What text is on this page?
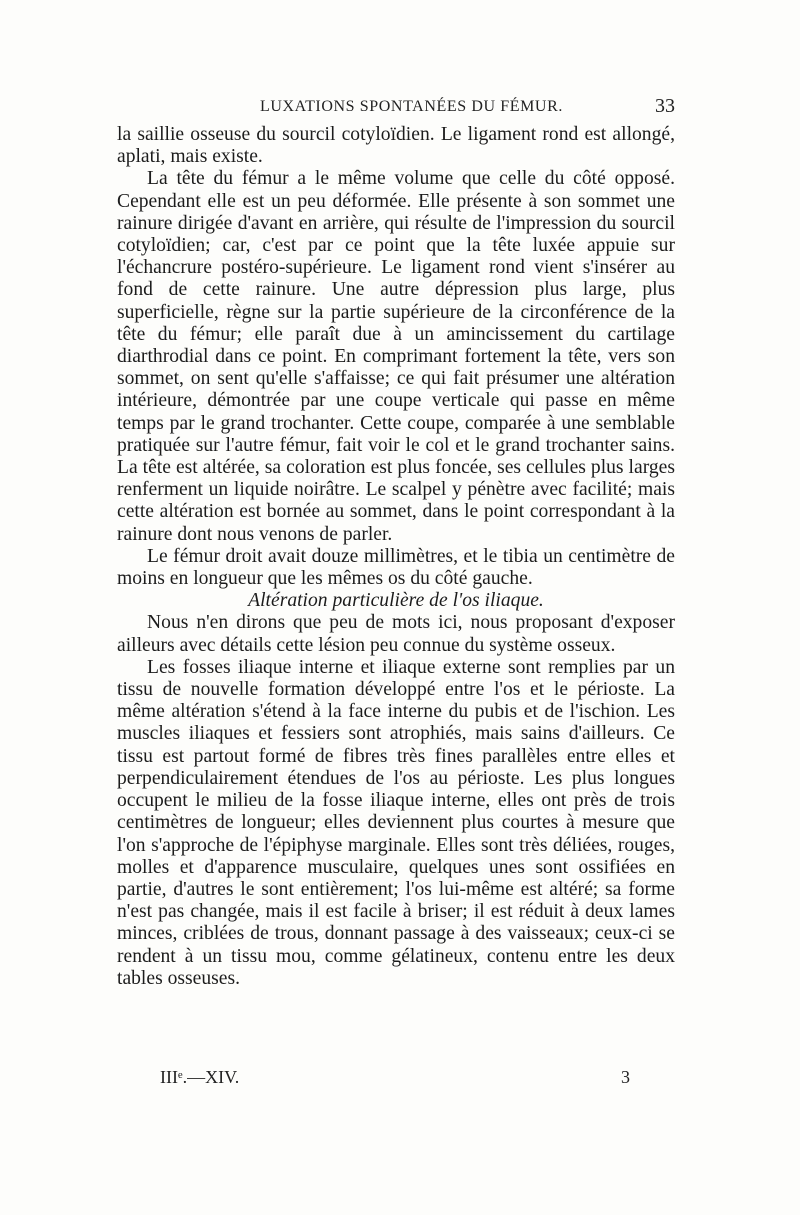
LUXATIONS SPONTANÉES DU FÉMUR.	33

la saillie osseuse du sourcil cotyloïdien. Le ligament rond est allongé, aplati, mais existe.

La tête du fémur a le même volume que celle du côté opposé. Cependant elle est un peu déformée. Elle présente à son sommet une rainure dirigée d'avant en arrière, qui résulte de l'impression du sourcil cotyloïdien; car, c'est par ce point que la tête luxée appuie sur l'échancrure postéro-supérieure. Le ligament rond vient s'insérer au fond de cette rainure. Une autre dépression plus large, plus superficielle, règne sur la partie supérieure de la circonférence de la tête du fémur; elle paraît due à un amincissement du cartilage diarthrodial dans ce point. En comprimant fortement la tête, vers son sommet, on sent qu'elle s'affaisse; ce qui fait présumer une altération intérieure, démontrée par une coupe verticale qui passe en même temps par le grand trochanter. Cette coupe, comparée à une semblable pratiquée sur l'autre fémur, fait voir le col et le grand trochanter sains. La tête est altérée, sa coloration est plus foncée, ses cellules plus larges renferment un liquide noirâtre. Le scalpel y pénètre avec facilité; mais cette altération est bornée au sommet, dans le point correspondant à la rainure dont nous venons de parler.

Le fémur droit avait douze millimètres, et le tibia un centimètre de moins en longueur que les mêmes os du côté gauche.

Altération particulière de l'os iliaque.

Nous n'en dirons que peu de mots ici, nous proposant d'exposer ailleurs avec détails cette lésion peu connue du système osseux.

Les fosses iliaque interne et iliaque externe sont remplies par un tissu de nouvelle formation développé entre l'os et le périoste. La même altération s'étend à la face interne du pubis et de l'ischion. Les muscles iliaques et fessiers sont atrophiés, mais sains d'ailleurs. Ce tissu est partout formé de fibres très fines parallèles entre elles et perpendiculairement étendues de l'os au périoste. Les plus longues occupent le milieu de la fosse iliaque interne, elles ont près de trois centimètres de longueur; elles deviennent plus courtes à mesure que l'on s'approche de l'épiphyse marginale. Elles sont très déliées, rouges, molles et d'apparence musculaire, quelques unes sont ossifiées en partie, d'autres le sont entièrement; l'os lui-même est altéré; sa forme n'est pas changée, mais il est facile à briser; il est réduit à deux lames minces, criblées de trous, donnant passage à des vaisseaux; ceux-ci se rendent à un tissu mou, comme gélatineux, contenu entre les deux tables osseuses.

IIIᵉ.—XIV.	3
